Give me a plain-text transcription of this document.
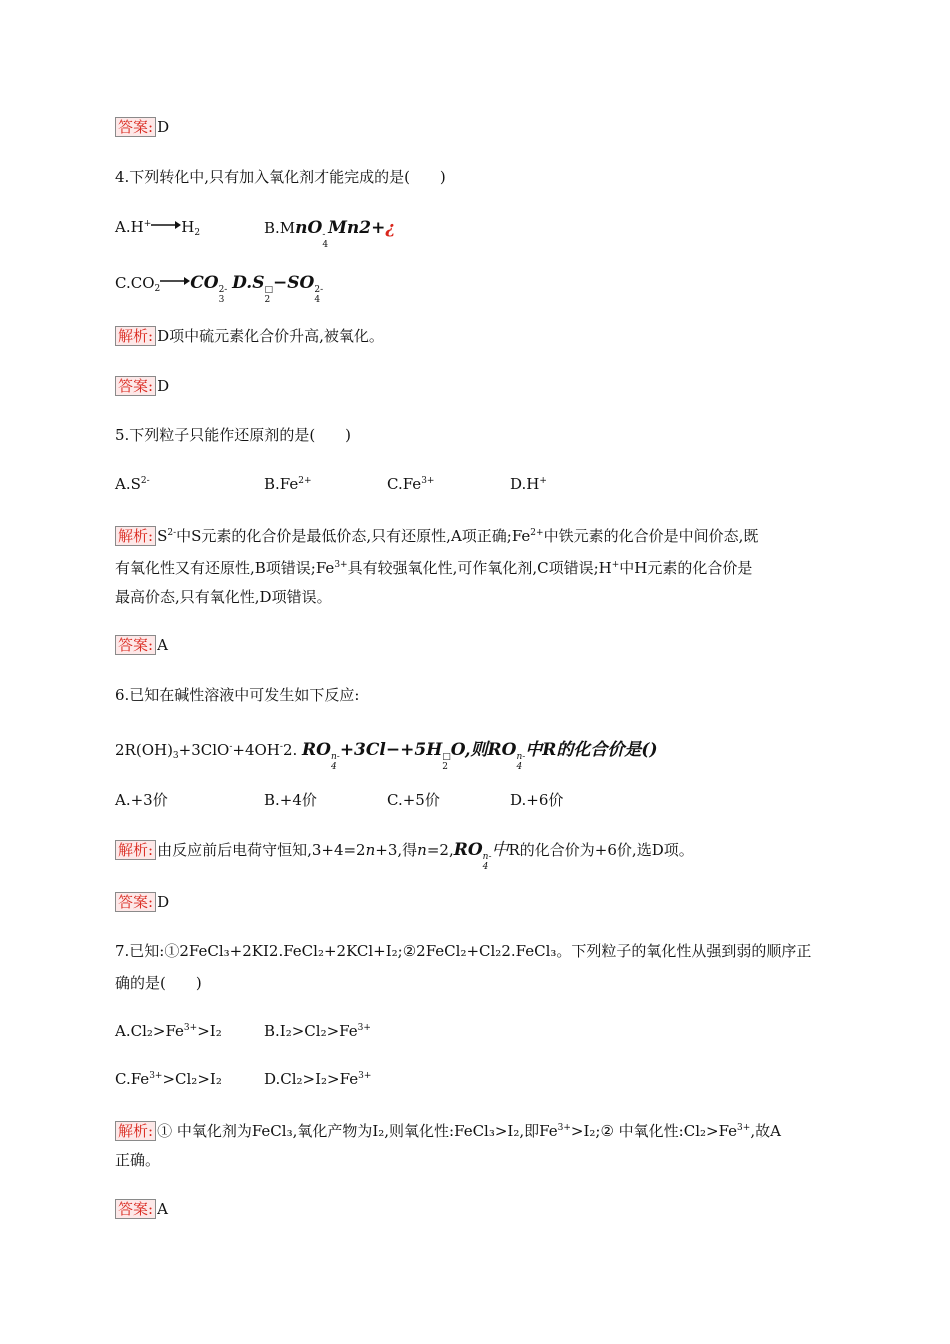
答案: D
4.下列转化中,只有加入氧化剂才能完成的是(　　)
$A.H^+\to H_2$	B.MnO -
4
Mn2+¿
$C.CO_2 \to CO$ 2-
3
D.S □
2
−SO 2-
4
解析: D项中硫元素化合价升高,被氧化。
答案: D
5.下列粒子只能作还原剂的是(　　)
$A.S^{2-}$	$B.Fe^{2+}$	$C.Fe^{3+}$	D.H+
解析: $S^{2-}$中S元素的化合价是最低价态,只有还原性,A项正确$;Fe^{2+}$中铁元素的化合价是中间价态,既
有氧化性又有还原性,B项错误$;Fe^{3+}$具有较强氧化性,可作氧化剂,C项错误;H+中H元素的化合价是
最高价态,只有氧化性,D项错误。
答案: A
6.已知在碱性溶液中可发生如下反应:
$2R(OH)_3+3ClO^-+4OH^-2$. RO n-
4
+3Cl−+5H □
2
O,则RO n-
4
中R的化合价是()
A.+3价	B.+4价	C.+5价	D.+6价
解析: 由反应前后电荷守恒知,3+4=2n+3,得n=2,RO n-
4
中R的化合价为+6价,选D项。
答案: D
7.已知:①2FeCl₃+2KI2.FeCl₂+2KCl+I₂;②2FeCl₂+Cl₂2.FeCl₃。下列粒子的氧化性从强到弱的顺序正
确的是(　　)
$A.Cl_2>Fe^{3+}>I_2$	$B.I_2>Cl_2>Fe^{3+}$
$C.Fe^{3+}>Cl_2>I_2$	$D.Cl_2>I_2>Fe^{3+}$
解析: ① 中氧化剂为FeCl₃,氧化产物为I₂,则氧化性:FeCl₃>I₂,即$Fe^{3+}>I_2;②$ 中氧化性$:Cl_2>Fe^{3+}$,故A
正确。
答案: A
